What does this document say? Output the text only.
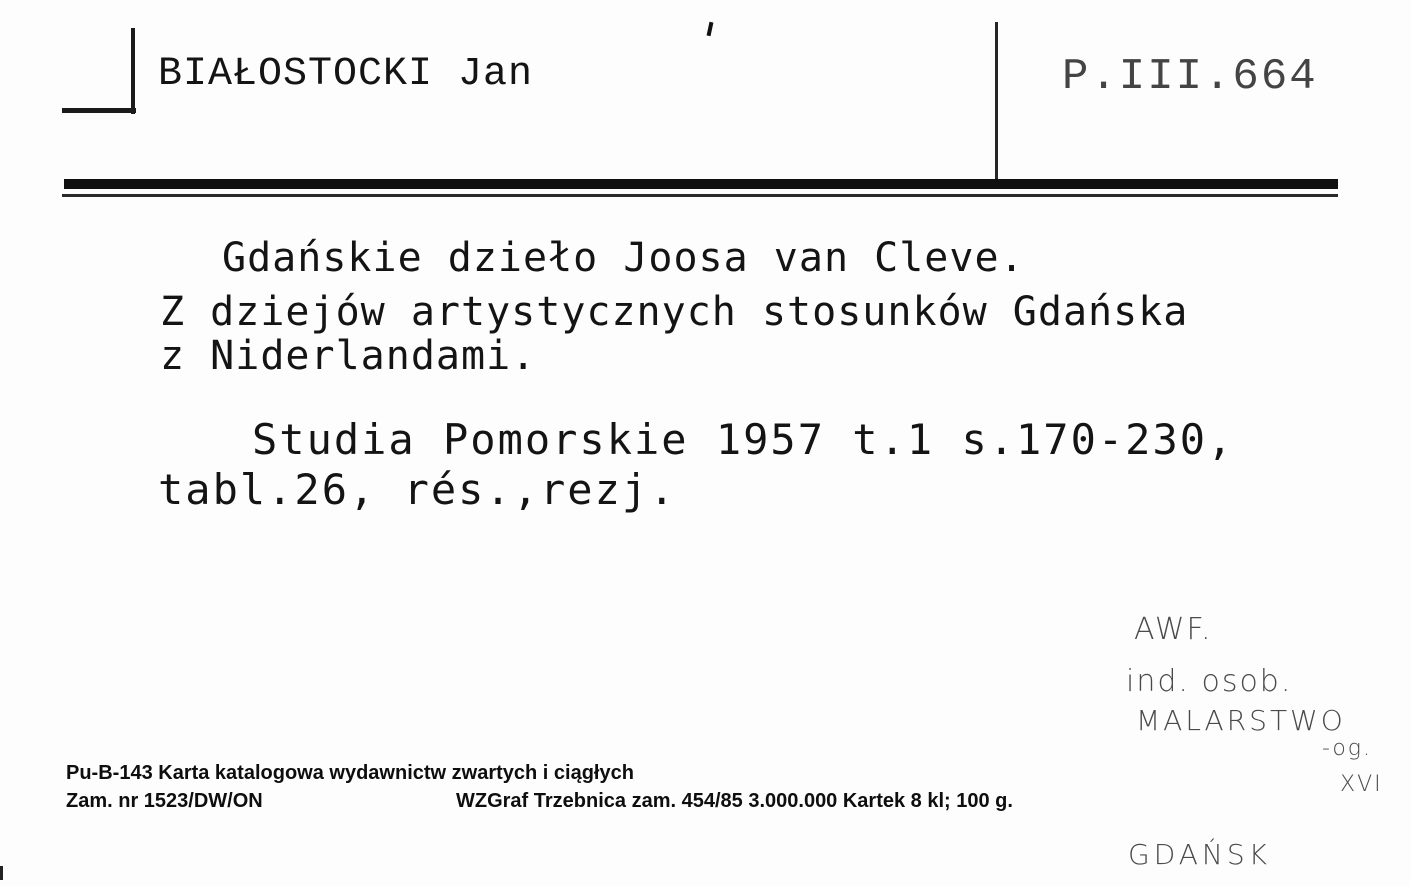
BIAŁOSTOCKI Jan	P.III.664
Gdańskie dzieło Joosa van Cleve.
Z dziejów artystycznych stosunków Gdańska
z Niderlandami.
Studia Pomorskie 1957 t.1 s.170-230,
tabl.26, rés.,rezj.
AWF.
ind. osob.
MALARSTWO
-og.
XVI
GDAŃSK
Pu-B-143 Karta katalogowa wydawnictw zwartych i ciągłych
Zam. nr 1523/DW/ON	WZGraf Trzebnica zam. 454/85 3.000.000 Kartek 8 kl; 100 g.
